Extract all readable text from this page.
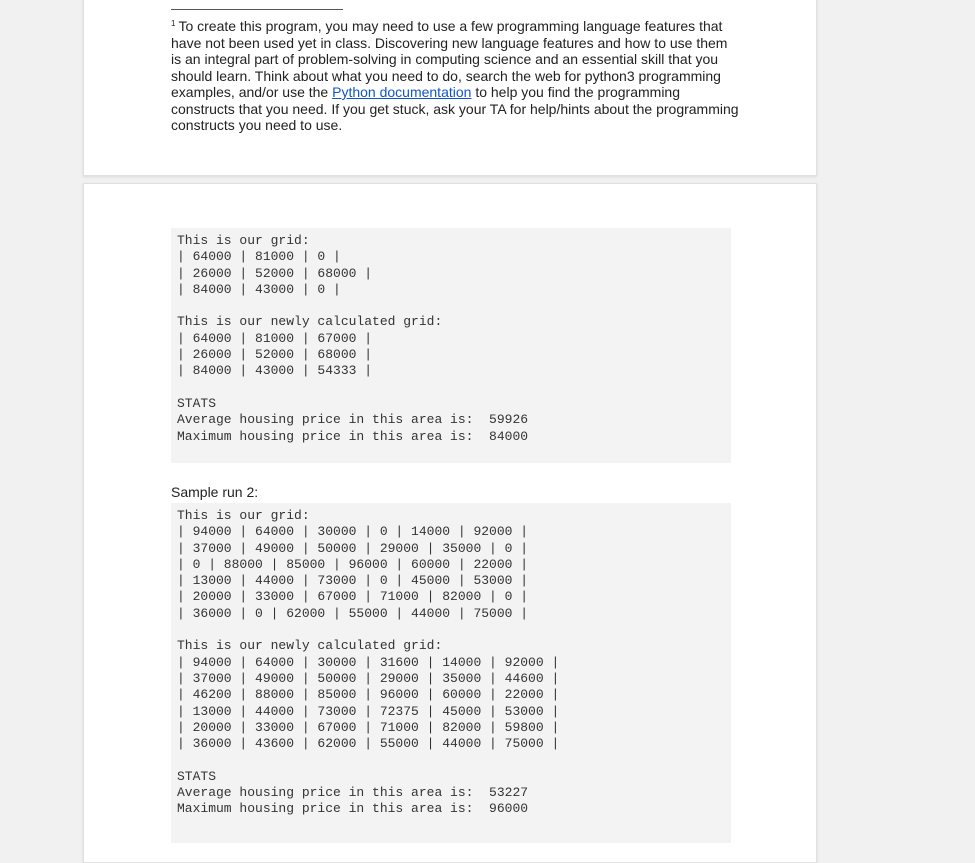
$^1$ To create this program, you may need to use a few programming language features that have not been used yet in class. Discovering new language features and how to use them is an integral part of problem-solving in computing science and an essential skill that you should learn. Think about what you need to do, search the web for python3 programming examples, and/or use the Python documentation to help you find the programming constructs that you need. If you get stuck, ask your TA for help/hints about the programming constructs you need to use.
This is our grid:
| 64000 | 81000 | 0 |
| 26000 | 52000 | 68000 |
| 84000 | 43000 | 0 |
This is our newly calculated grid:
| 64000 | 81000 | 67000 |
| 26000 | 52000 | 68000 |
| 84000 | 43000 | 54333 |
STATS
Average housing price in this area is:  59926
Maximum housing price in this area is:  84000
Sample run 2:
This is our grid:
| 94000 | 64000 | 30000 | 0 | 14000 | 92000 |
| 37000 | 49000 | 50000 | 29000 | 35000 | 0 |
| 0 | 88000 | 85000 | 96000 | 60000 | 22000 |
| 13000 | 44000 | 73000 | 0 | 45000 | 53000 |
| 20000 | 33000 | 67000 | 71000 | 82000 | 0 |
| 36000 | 0 | 62000 | 55000 | 44000 | 75000 |
This is our newly calculated grid:
| 94000 | 64000 | 30000 | 31600 | 14000 | 92000 |
| 37000 | 49000 | 50000 | 29000 | 35000 | 44600 |
| 46200 | 88000 | 85000 | 96000 | 60000 | 22000 |
| 13000 | 44000 | 73000 | 72375 | 45000 | 53000 |
| 20000 | 33000 | 67000 | 71000 | 82000 | 59800 |
| 36000 | 43600 | 62000 | 55000 | 44000 | 75000 |
STATS
Average housing price in this area is:  53227
Maximum housing price in this area is:  96000
